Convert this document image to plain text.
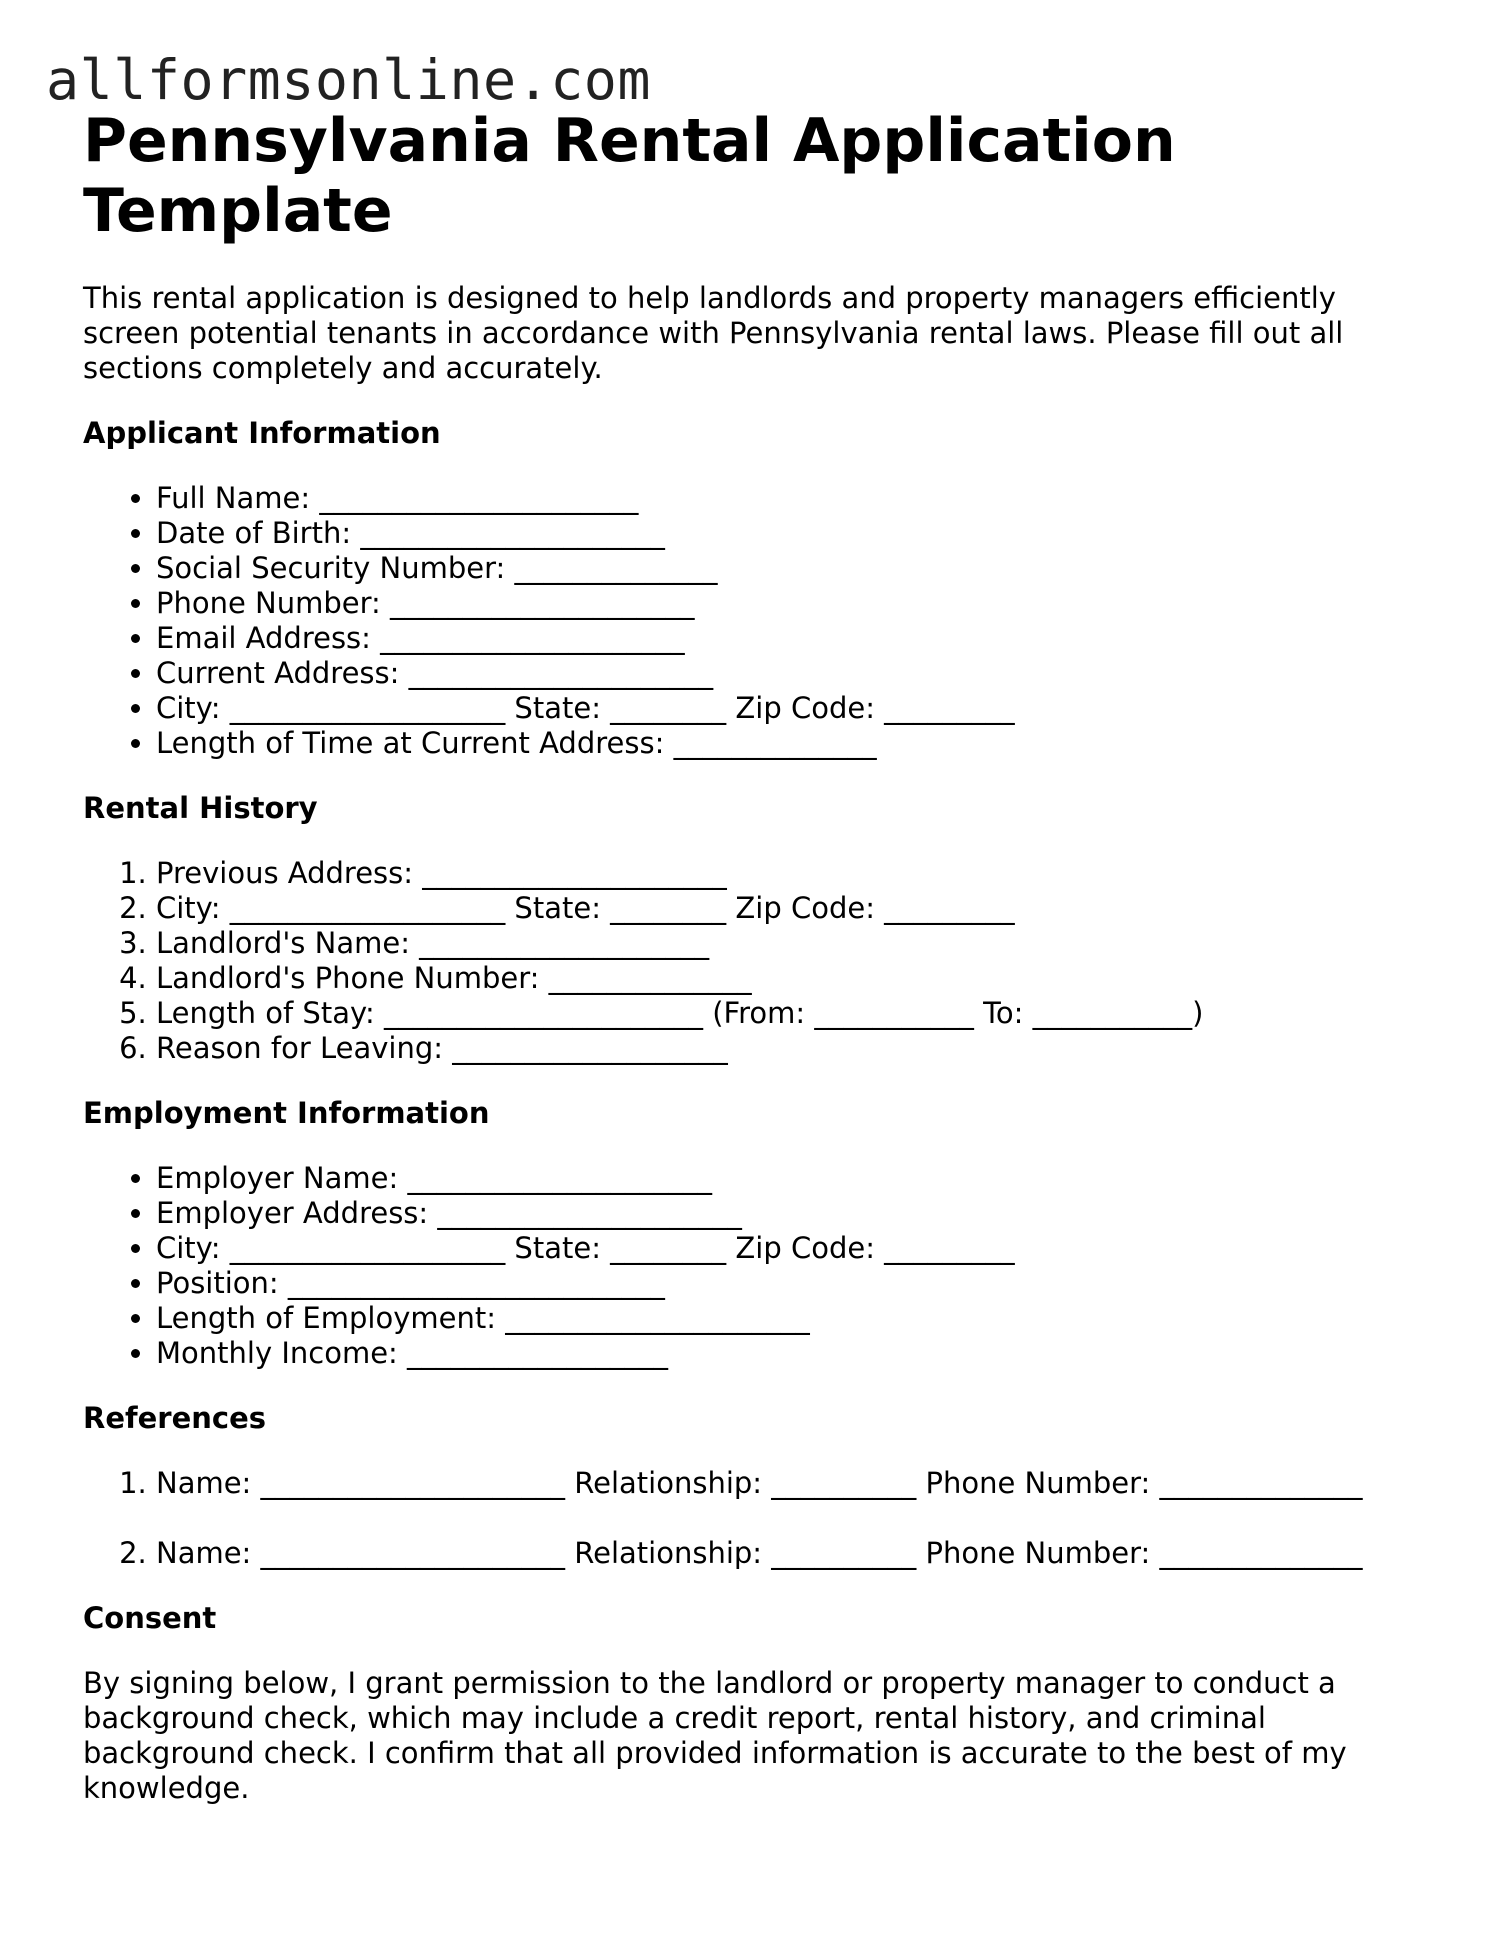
allformsonline.com
Pennsylvania Rental Application Template

This rental application is designed to help landlords and property managers efficiently screen potential tenants in accordance with Pennsylvania rental laws. Please fill out all sections completely and accurately.

Applicant Information
• Full Name: ______________________
• Date of Birth: _____________________
• Social Security Number: ______________
• Phone Number: _____________________
• Email Address: _____________________
• Current Address: _____________________
• City: ___________________ State: ________ Zip Code: _________
• Length of Time at Current Address: ______________
Rental History
1. Previous Address: _____________________
2. City: ___________________ State: ________ Zip Code: _________
3. Landlord's Name: ____________________
4. Landlord's Phone Number: ______________
5. Length of Stay: ______________________ (From: ___________ To: ___________)
6. Reason for Leaving: ___________________
Employment Information
• Employer Name: _____________________
• Employer Address: _____________________
• City: ___________________ State: ________ Zip Code: _________
• Position: __________________________
• Length of Employment: _____________________
• Monthly Income: __________________
References
1. Name: _____________________ Relationship: __________ Phone Number: ______________
2. Name: _____________________ Relationship: __________ Phone Number: ______________
Consent

By signing below, I grant permission to the landlord or property manager to conduct a background check, which may include a credit report, rental history, and criminal background check. I confirm that all provided information is accurate to the best of my knowledge.
